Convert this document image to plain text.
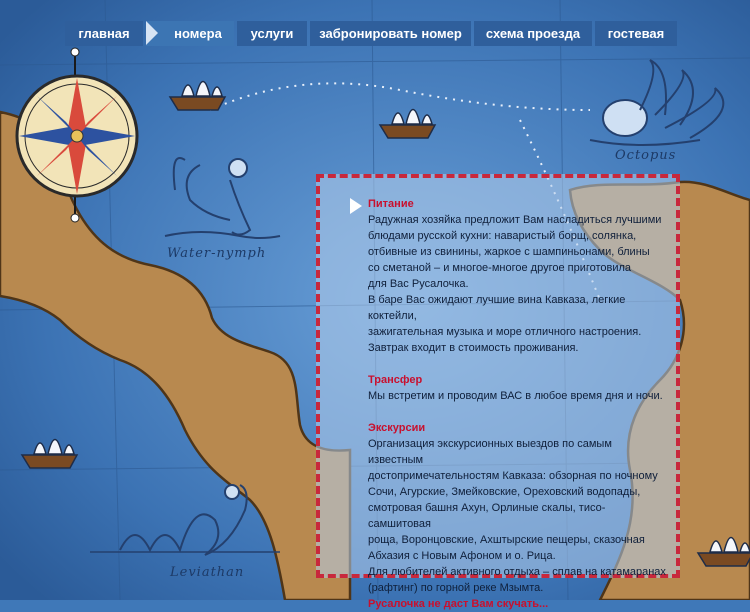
главная	номера	услуги	забронировать номер	схема проезда	гостевая
Water-nymph
Octopus
Leviathan
Питание
Радужная хозяйка предложит Вам насладиться лучшими
блюдами русской кухни: наваристый борщ, солянка,
отбивные из свинины, жаркое с шампиньонами, блины
со сметаной – и многое-многое другое приготовила
для Вас Русалочка.
В баре Вас ожидают лучшие вина Кавказа, легкие коктейли,
зажигательная музыка и море отличного настроения.
Завтрак входит в стоимость проживания.
Трансфер
Мы встретим и проводим ВАС в любое время дня и ночи.
Экскурсии
Организация экскурсионных выездов по самым известным
достопримечательностям Кавказа: обзорная по ночному
Сочи, Агурские, Змейковские, Ореховский водопады,
смотровая башня Ахун, Орлиные скалы, тисо-самшитовая
роща, Воронцовские, Ахштырские пещеры, сказочная
Абхазия с Новым Афоном и о. Рица.
Для любителей активного отдыха – сплав на катамаранах
(рафтинг) по горной реке Мзымта.
Русалочка не даст Вам скучать...
